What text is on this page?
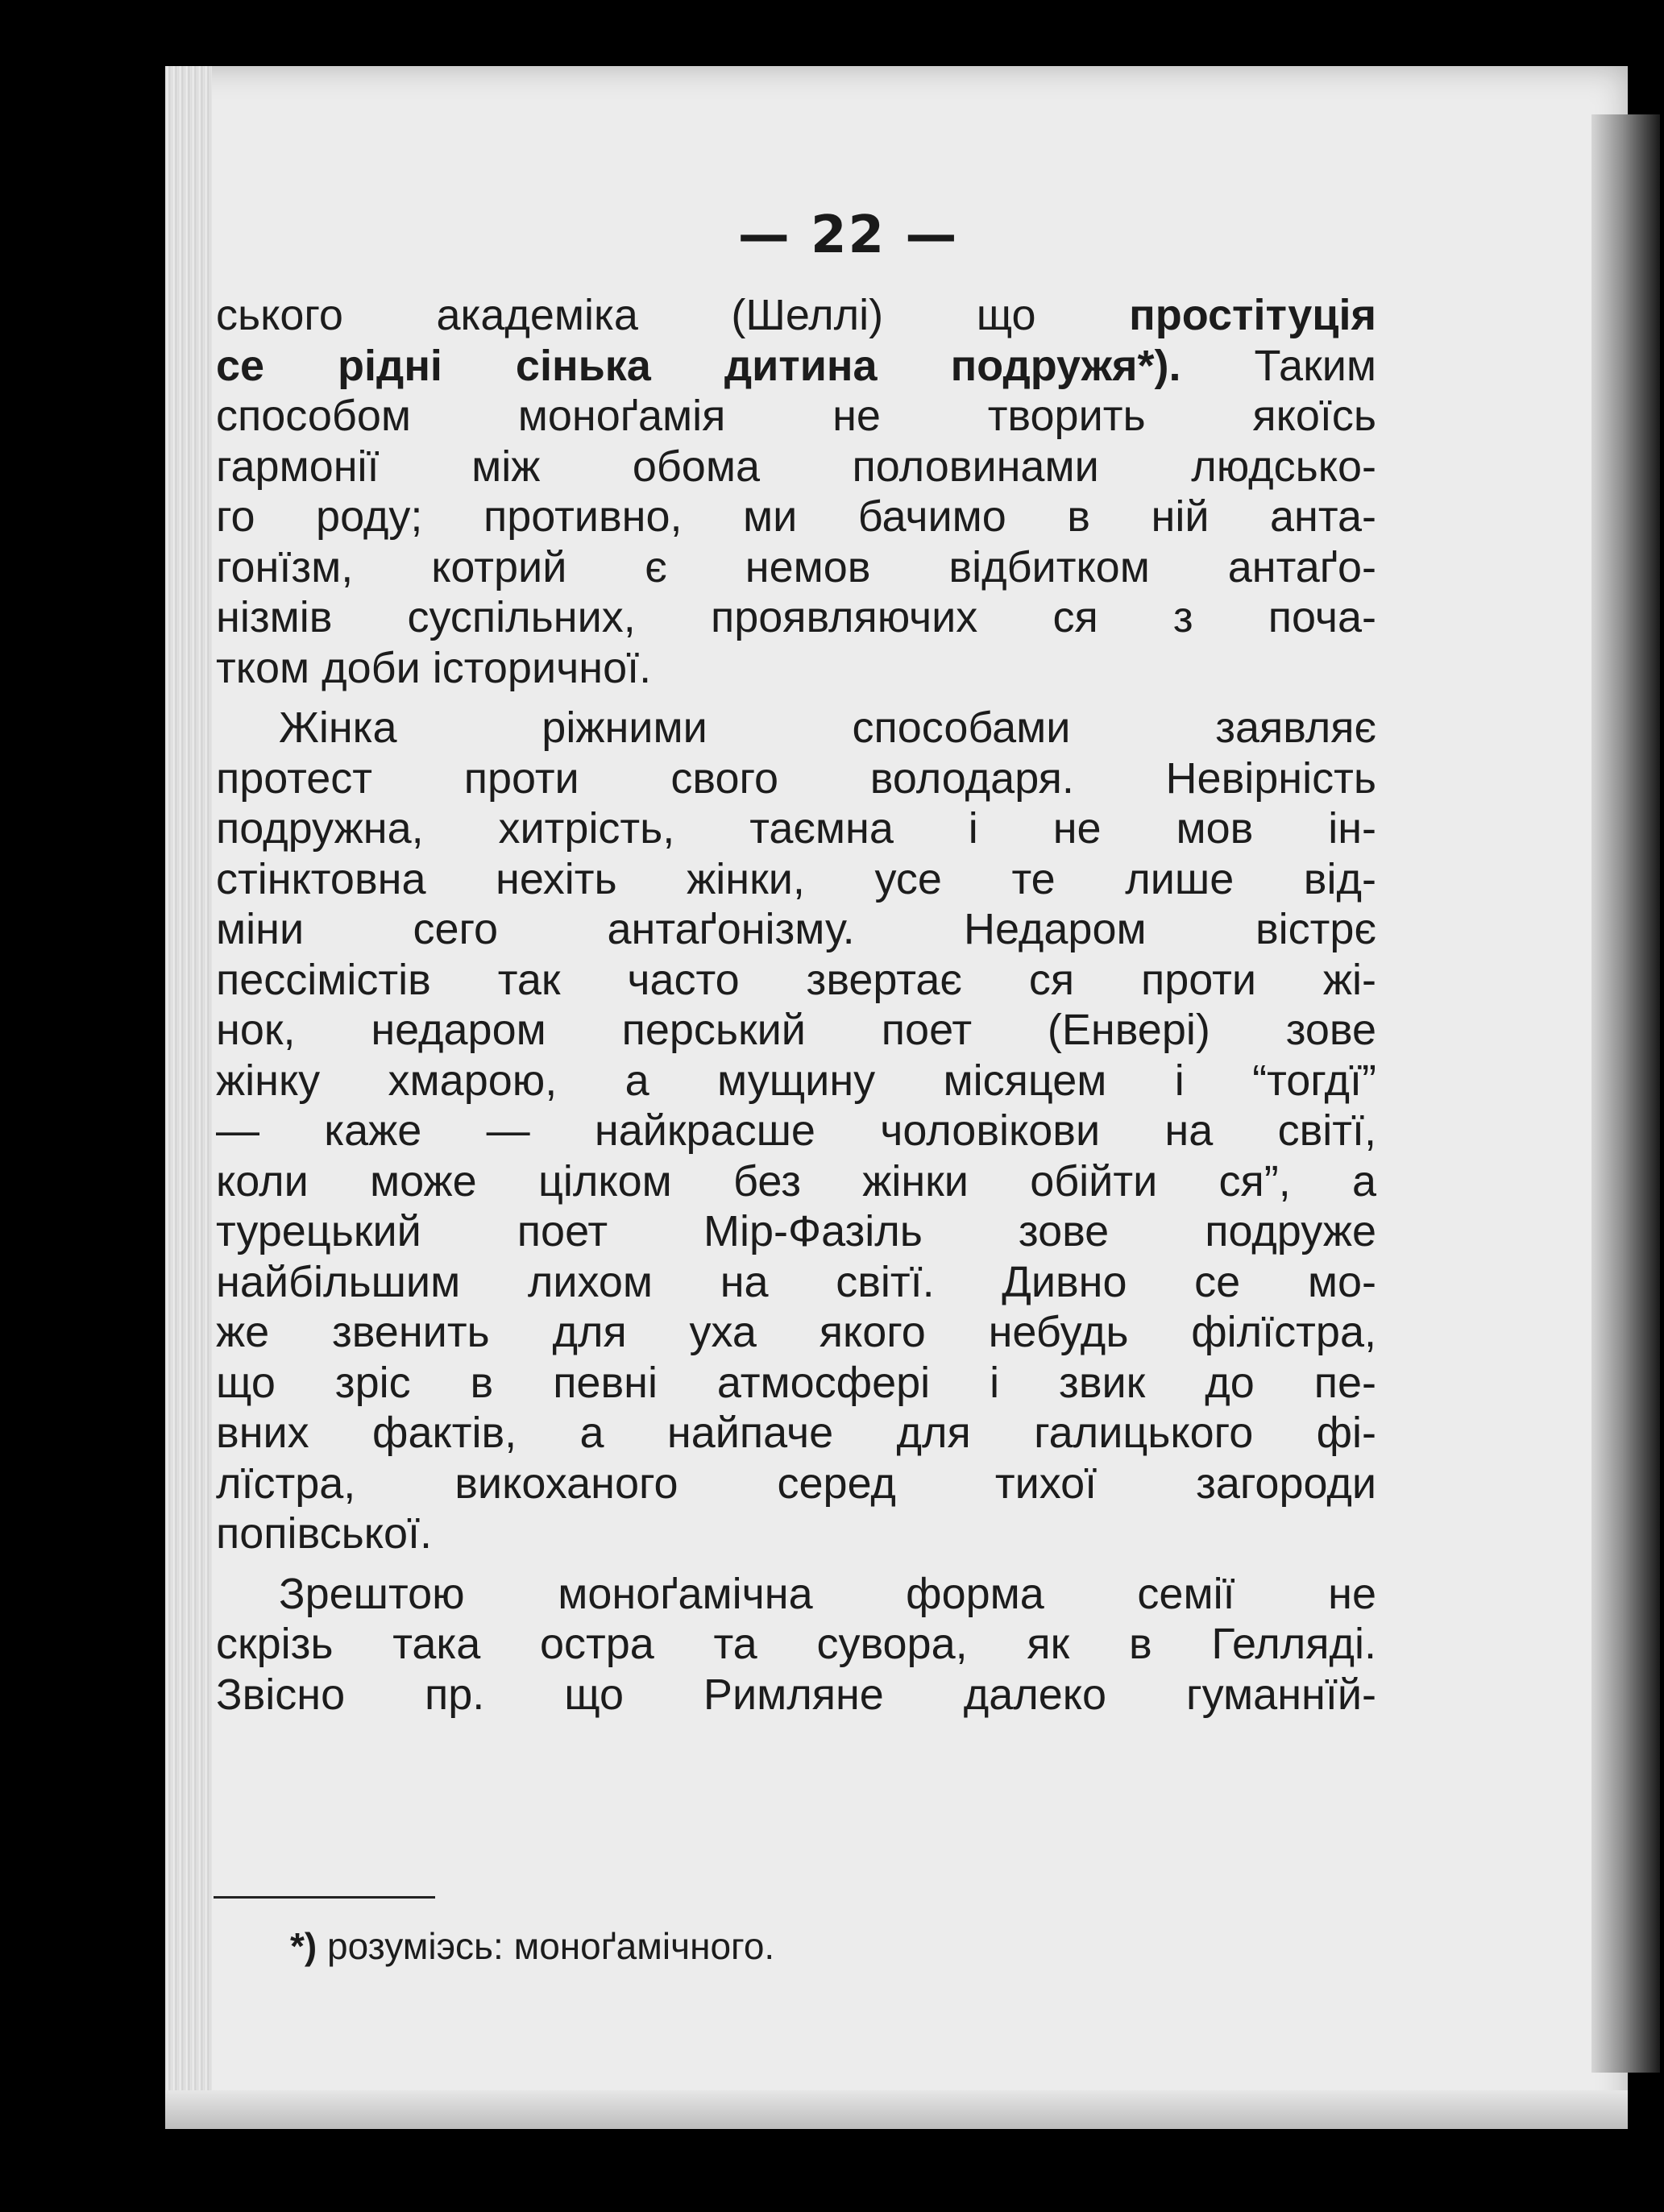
— 22 —
ського академіка (Шеллі) що простітуція
се рідні сінька дитина подружя*). Таким
способом моноґамія не творить якоїсь
гармонії між обома половинами людсько-
го роду; противно, ми бачимо в ній анта-
гонїзм, котрий є немов відбитком антаґо-
нізмів суспільних, проявляючих ся з поча-
тком доби історичної.
Жінка ріжними способами заявляє
протест проти свого володаря. Невірність
подружна, хитрість, таємна і не мов ін-
стінктовна нехіть жінки, усе те лише від-
міни сего антаґонізму. Недаром вістрє
пессімістів так часто звертає ся проти жі-
нок, недаром перський поет (Енвері) зове
жінку хмарою, а мущину місяцем і “тогдї”
— каже — найкрасше чоловікови на світї,
коли може цілком без жінки обійти ся”, а
турецький поет Мір-Фазіль зове подруже
найбільшим лихом на світї. Дивно се мо-
же звенить для уха якого небудь філїстра,
що зріс в певні атмосфері і звик до пе-
вних фактів, а найпаче для галицького фі-
лїстра, викоханого серед тихої загороди
попівської.
Зрештою моноґамічна форма семії не
скрізь така остра та сувора, як в Гелляді.
Звісно пр. що Римляне далеко гуманнїй-
*) розуміэсь: моноґамічного.
